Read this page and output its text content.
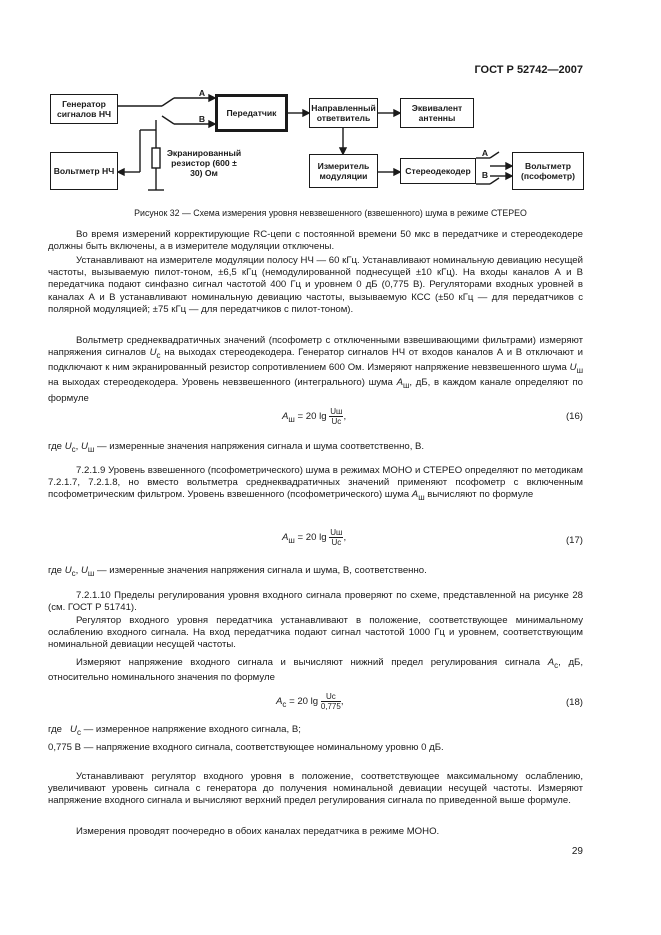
ГОСТ Р 52742—2007
Генератор сигналов НЧ
Вольтметр НЧ
Экранированный резистор (600 ± 30) Ом
A
B
Передатчик	Направленный ответвитель
Эквивалент антенны
Измеритель модуляции	Стереодекодер
A
B
Вольтметр (псофометр)
Рисунок 32 — Схема измерения уровня невзвешенного (взвешенного) шума в режиме СТЕРЕО
Во время измерений корректирующие RC-цепи с постоянной времени 50 мкс в передатчике и стереодекодере должны быть включены, а в измерителе модуляции отключены.
Устанавливают на измерителе модуляции полосу НЧ — 60 кГц. Устанавливают номинальную девиацию несущей частоты, вызываемую пилот-тоном, ±6,5 кГц (немодулированной поднесущей ±10 кГц). На входы каналов А и В передатчика подают синфазно сигнал частотой 400 Гц и уровнем 0 дБ (0,775 В). Регуляторами входных уровней в каналах А и В устанавливают номинальную девиацию частоты, вызываемую КСС (±50 кГц — для передатчиков с полярной модуляцией; ±75 кГц — для передатчиков с пилот-тоном).
Вольтметр среднеквадратичных значений (псофометр с отключенными взвешивающими фильтрами) измеряют напряжения сигналов $U_c$ на выходах стереодекодера. Генератор сигналов НЧ от входов каналов А и В отключают и подключают к ним экранированный резистор сопротивлением 600 Ом. Измеряют напряжение невзвешенного шума $U_ш$ на выходах стереодекодера. Уровень невзвешенного (интегрального) шума $A_ш$, дБ, в каждом канале определяют по формуле
$A_ш = 20$ $\lg \frac{Uш}{Uс}$ ,	(16)
где $U_с$, $U_ш$ — измеренные значения напряжения сигнала и шума соответственно, В.
7.2.1.9 Уровень взвешенного (псофометрического) шума в режимах МОНО и СТЕРЕО определяют по методикам 7.2.1.7, 7.2.1.8, но вместо вольтметра среднеквадратичных значений применяют псофометр с включенным псофометрическим фильтром. Уровень взвешенного (псофометрического) шума $A_ш$ вычисляют по формуле
$A_ш = 20$ $\lg \frac{Uш}{Uс}$ ,	(17)
где $U_с$, $U_ш$ — измеренные значения напряжения сигнала и шума, В, соответственно.
7.2.1.10 Пределы регулирования уровня входного сигнала проверяют по схеме, представленной на рисунке 28 (см. ГОСТ Р 51741).
Регулятор входного уровня передатчика устанавливают в положение, соответствующее минимальному ослаблению входного сигнала. На вход передатчика подают сигнал частотой 1000 Гц и уровнем, соответствующим номинальной девиации несущей частоты.
Измеряют напряжение входного сигнала и вычисляют нижний предел регулирования сигнала $A_c$, дБ, относительно номинального значения по формуле
$A_с = 20$ $\lg \frac{Uс}{0,775}$ ,	(18)
где $U_с$ — измеренное напряжение входного сигнала, В;
0,775 В — напряжение входного сигнала, соответствующее номинальному уровню 0 дБ.
Устанавливают регулятор входного уровня в положение, соответствующее максимальному ослаблению, увеличивают уровень сигнала с генератора до получения номинальной девиации несущей частоты. Измеряют напряжение входного сигнала и вычисляют верхний предел регулирования сигнала по приведенной выше формуле.
Измерения проводят поочередно в обоих каналах передатчика в режиме МОНО.
29
